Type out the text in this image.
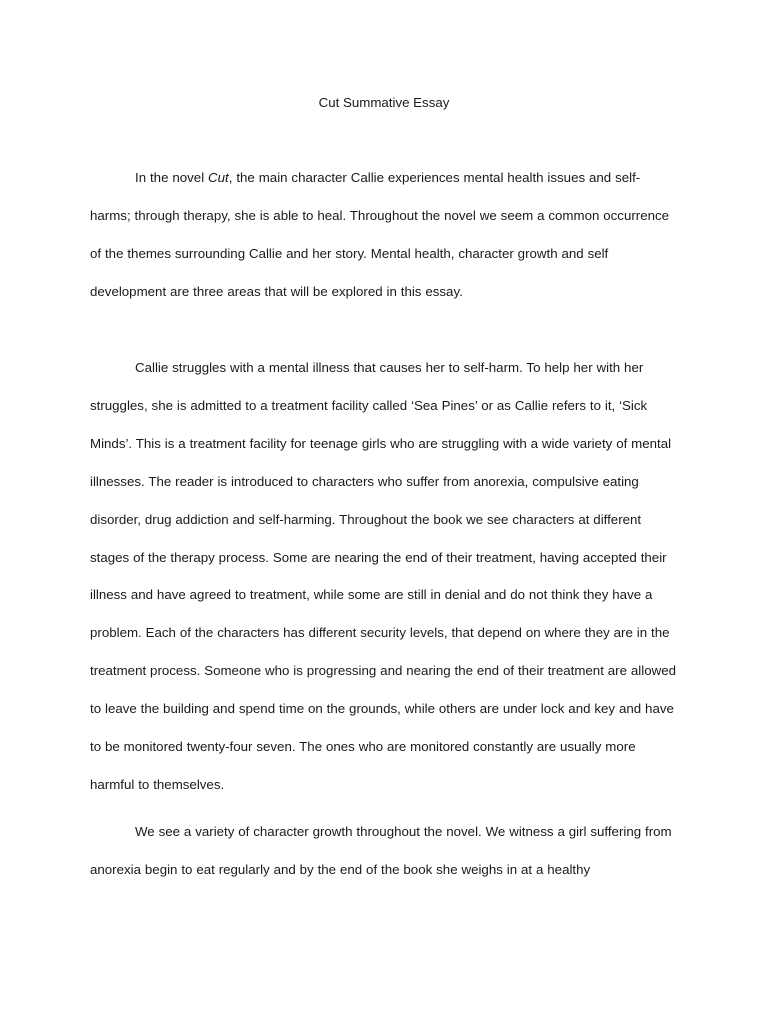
Cut Summative Essay

In the novel Cut, the main character Callie experiences mental health issues and self-harms; through therapy, she is able to heal. Throughout the novel we seem a common occurrence of the themes surrounding Callie and her story. Mental health, character growth and self development are three areas that will be explored in this essay.

Callie struggles with a mental illness that causes her to self-harm. To help her with her struggles, she is admitted to a treatment facility called ‘Sea Pines’ or as Callie refers to it, ‘Sick Minds’. This is a treatment facility for teenage girls who are struggling with a wide variety of mental illnesses. The reader is introduced to characters who suffer from anorexia, compulsive eating disorder, drug addiction and self-harming. Throughout the book we see characters at different stages of the therapy process. Some are nearing the end of their treatment, having accepted their illness and have agreed to treatment, while some are still in denial and do not think they have a problem. Each of the characters has different security levels, that depend on where they are in the treatment process. Someone who is progressing and nearing the end of their treatment are allowed to leave the building and spend time on the grounds, while others are under lock and key and have to be monitored twenty-four seven. The ones who are monitored constantly are usually more harmful to themselves.

We see a variety of character growth throughout the novel. We witness a girl suffering from anorexia begin to eat regularly and by the end of the book she weighs in at a healthy
